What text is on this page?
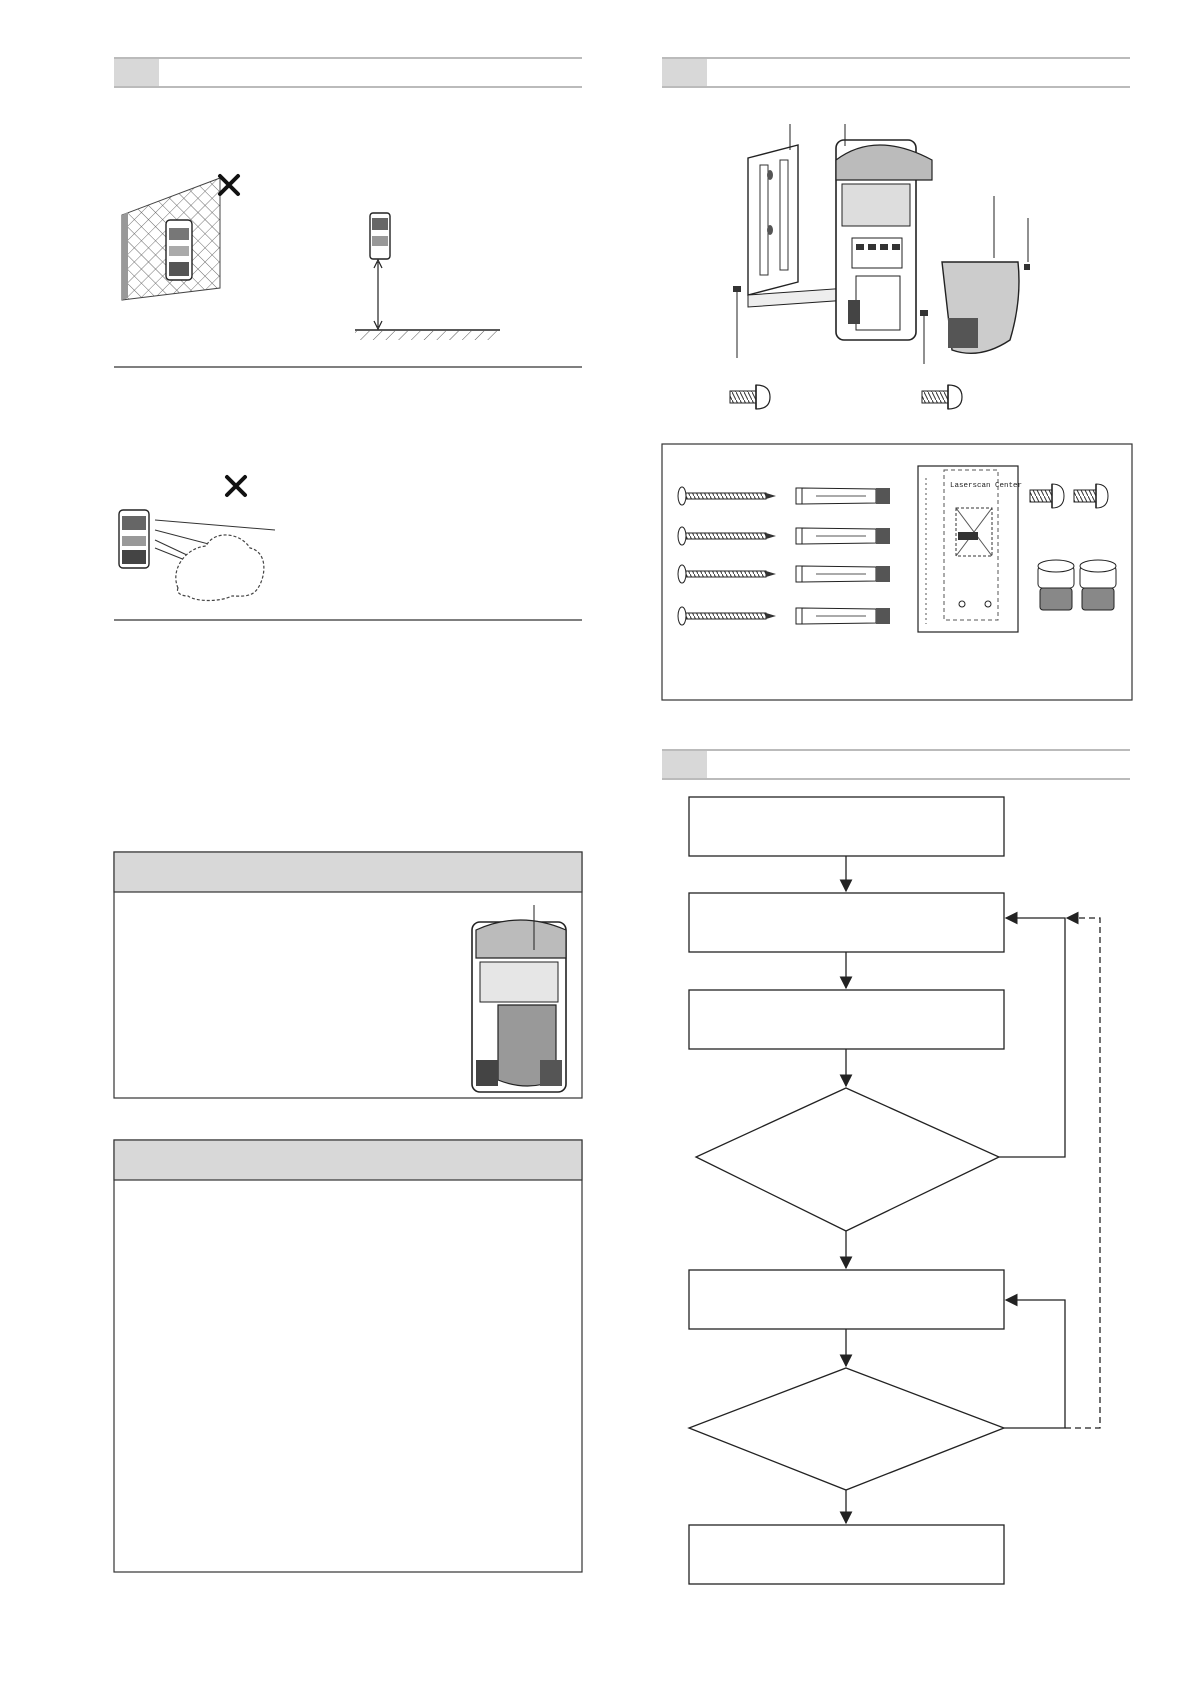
Laserscan Center
